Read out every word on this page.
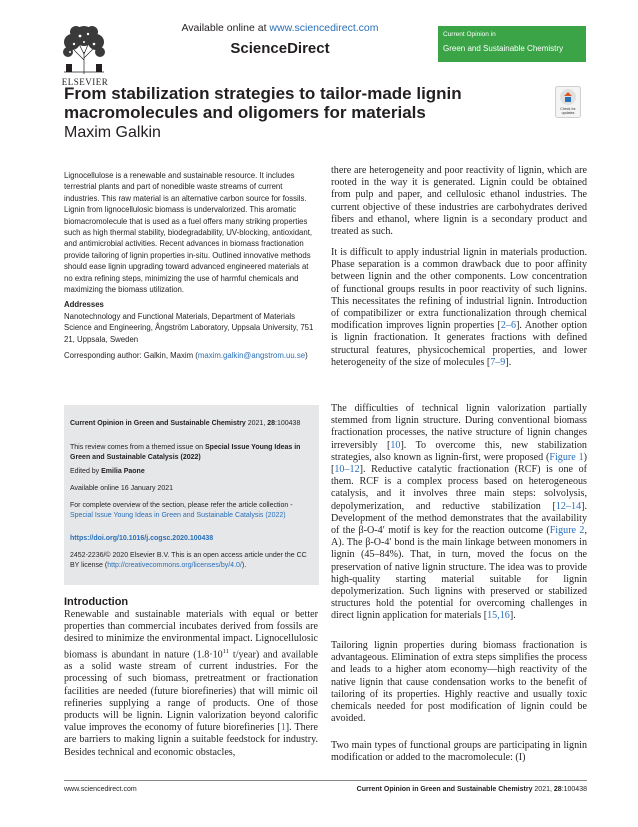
ELSEVIER
Available online at www.sciencedirect.com
ScienceDirect
Current Opinion in
Green and Sustainable Chemistry
From stabilization strategies to tailor-made lignin macromolecules and oligomers for materials
Maxim Galkin
Check for
updates
Lignocellulose is a renewable and sustainable resource. It includes terrestrial plants and part of nonedible waste streams of current industries. This raw material is an alternative carbon source for fossils. Lignin from lignocellulosic biomass is undervalorized. This aromatic biomacromolecule that is used as a fuel offers many striking properties such as high thermal stability, biodegradability, UV-blocking, antioxidant, and antimicrobial activities. Recent advances in biomass fractionation provide tailoring of lignin properties in-situ. Outlined innovative methods should ease lignin upgrading toward advanced engineered materials at no extra refining steps, minimizing the use of harmful chemicals and maximizing the biomass utilization.
Addresses
Nanotechnology and Functional Materials, Department of Materials Science and Engineering, Ångström Laboratory, Uppsala University, 751 21, Uppsala, Sweden
Corresponding author: Galkin, Maxim (maxim.galkin@angstrom.uu.se)
Current Opinion in Green and Sustainable Chemistry 2021, 28:100438
This review comes from a themed issue on Special Issue Young Ideas in Green and Sustainable Catalysis (2022)
Edited by Emilia Paone
Available online 16 January 2021
For complete overview of the section, please refer the article collection - Special Issue Young Ideas in Green and Sustainable Catalysis (2022)
https://doi.org/10.1016/j.cogsc.2020.100438
2452-2236/© 2020 Elsevier B.V. This is an open access article under the CC BY license (http://creativecommons.org/licenses/by/4.0/).
Introduction
Renewable and sustainable materials with equal or better properties than commercial incubates derived from fossils are desired to minimize the environmental impact. Lignocellulosic biomass is abundant in nature ($1.8\cdot 10^{11}$ t/year) and available as a solid waste stream of current industries. For the processing of such biomass, pretreatment or fractionation facilities are needed (future biorefineries) that will mimic oil refineries supplying a range of products. One of those products will be lignin. Lignin valorization beyond calorific value improves the economy of future biorefineries [1]. There are barriers to making lignin a suitable feedstock for industry. Besides technical and economic obstacles,
there are heterogeneity and poor reactivity of lignin, which are rooted in the way it is generated. Lignin could be obtained from pulp and paper, and cellulosic ethanol industries. The current objective of these industries are carbohydrates derived fibers and ethanol, where lignin is a secondary product and treated as such.
It is difficult to apply industrial lignin in materials production. Phase separation is a common drawback due to poor affinity between lignin and the other components. Low concentration of functional groups results in poor reactivity of such lignins. This necessitates the refining of industrial lignin. Introduction of compatibilizer or extra functionalization through chemical modification improves lignin properties [2–6]. Another option is lignin fractionation. It generates fractions with defined structural features, physicochemical properties, and lower heterogeneity of the size of molecules [7–9].
The difficulties of technical lignin valorization partially stemmed from lignin structure. During conventional biomass fractionation processes, the native structure of lignin changes irreversibly [10]. To overcome this, new stabilization strategies, also known as lignin-first, were proposed (Figure 1) [10–12]. Reductive catalytic fractionation (RCF) is one of them. RCF is a complex process based on heterogeneous catalysis, and it involves three main steps: solvolysis, depolymerization, and reductive stabilization [12–14]. Development of the method demonstrates that the availability of the β-O-4′ motif is key for the reaction outcome (Figure 2, A). The β-O-4′ bond is the main linkage between monomers in lignin (45–84%). That, in turn, moved the focus on the preservation of native lignin structure. The idea was to provide high-quality starting material suitable for lignin depolymerization. Such lignins with preserved or stabilized structures hold the potential for overcoming challenges in direct lignin application for materials [15,16].
Tailoring lignin properties during biomass fractionation is advantageous. Elimination of extra steps simplifies the process and leads to a higher atom economy—high reactivity of the native lignin that cause condensation works to the benefit of tailoring of its properties. Highly reactive and usually toxic chemicals needed for post modification of lignin could be avoided.
Two main types of functional groups are participating in lignin modification or added to the macromolecule: (I)
www.sciencedirect.com	Current Opinion in Green and Sustainable Chemistry 2021, 28:100438
